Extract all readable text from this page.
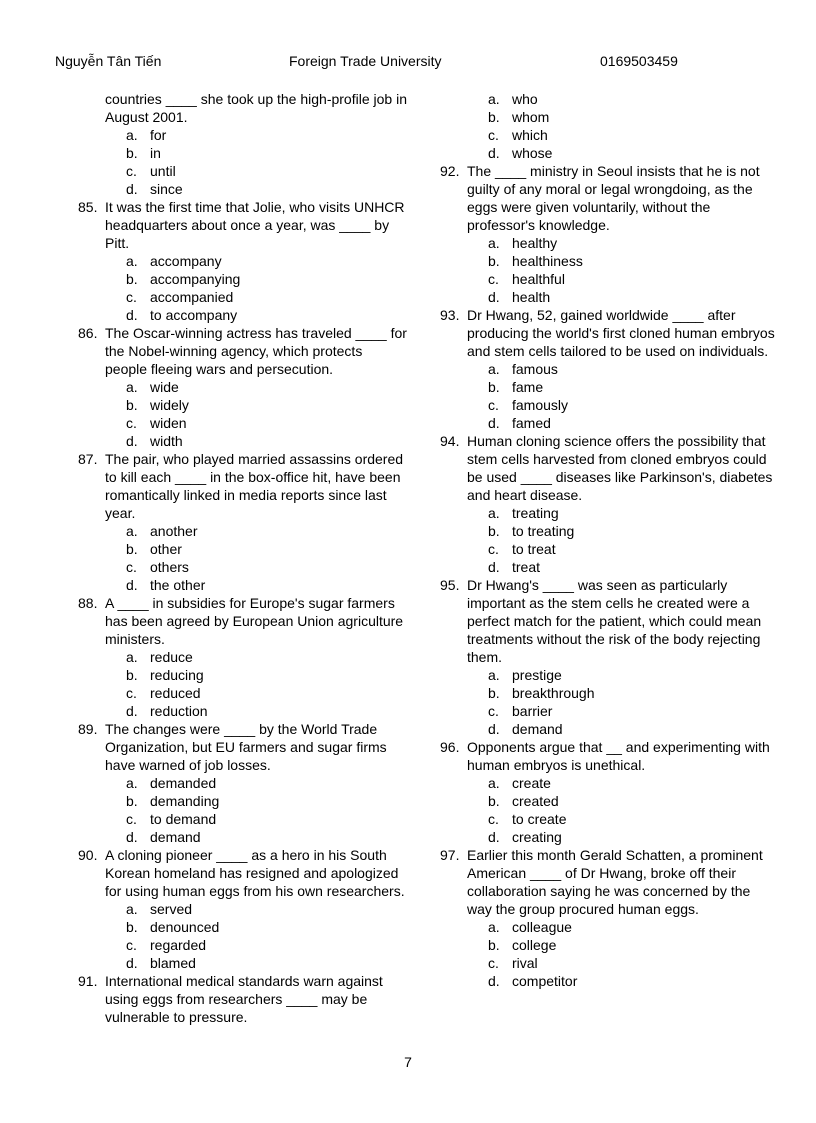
Nguyễn Tân Tiến	Foreign Trade University	0169503459
countries ____ she took up the high-profile job in August 2001.
a. for
b. in
c. until
d. since
85. It was the first time that Jolie, who visits UNHCR headquarters about once a year, was ____ by Pitt.
a. accompany
b. accompanying
c. accompanied
d. to accompany
86. The Oscar-winning actress has traveled ____ for the Nobel-winning agency, which protects people fleeing wars and persecution.
a. wide
b. widely
c. widen
d. width
87. The pair, who played married assassins ordered to kill each ____ in the box-office hit, have been romantically linked in media reports since last year.
a. another
b. other
c. others
d. the other
88. A ____ in subsidies for Europe's sugar farmers has been agreed by European Union agriculture ministers.
a. reduce
b. reducing
c. reduced
d. reduction
89. The changes were ____ by the World Trade Organization, but EU farmers and sugar firms have warned of job losses.
a. demanded
b. demanding
c. to demand
d. demand
90. A cloning pioneer ____ as a hero in his South Korean homeland has resigned and apologized for using human eggs from his own researchers.
a. served
b. denounced
c. regarded
d. blamed
91. International medical standards warn against using eggs from researchers ____ may be vulnerable to pressure.
a. who
b. whom
c. which
d. whose
92. The ____ ministry in Seoul insists that he is not guilty of any moral or legal wrongdoing, as the eggs were given voluntarily, without the professor's knowledge.
a. healthy
b. healthiness
c. healthful
d. health
93. Dr Hwang, 52, gained worldwide ____ after producing the world's first cloned human embryos and stem cells tailored to be used on individuals.
a. famous
b. fame
c. famously
d. famed
94. Human cloning science offers the possibility that stem cells harvested from cloned embryos could be used ____ diseases like Parkinson's, diabetes and heart disease.
a. treating
b. to treating
c. to treat
d. treat
95. Dr Hwang's ____ was seen as particularly important as the stem cells he created were a perfect match for the patient, which could mean treatments without the risk of the body rejecting them.
a. prestige
b. breakthrough
c. barrier
d. demand
96. Opponents argue that __ and experimenting with human embryos is unethical.
a. create
b. created
c. to create
d. creating
97. Earlier this month Gerald Schatten, a prominent American ____ of Dr Hwang, broke off their collaboration saying he was concerned by the way the group procured human eggs.
a. colleague
b. college
c. rival
d. competitor
7
